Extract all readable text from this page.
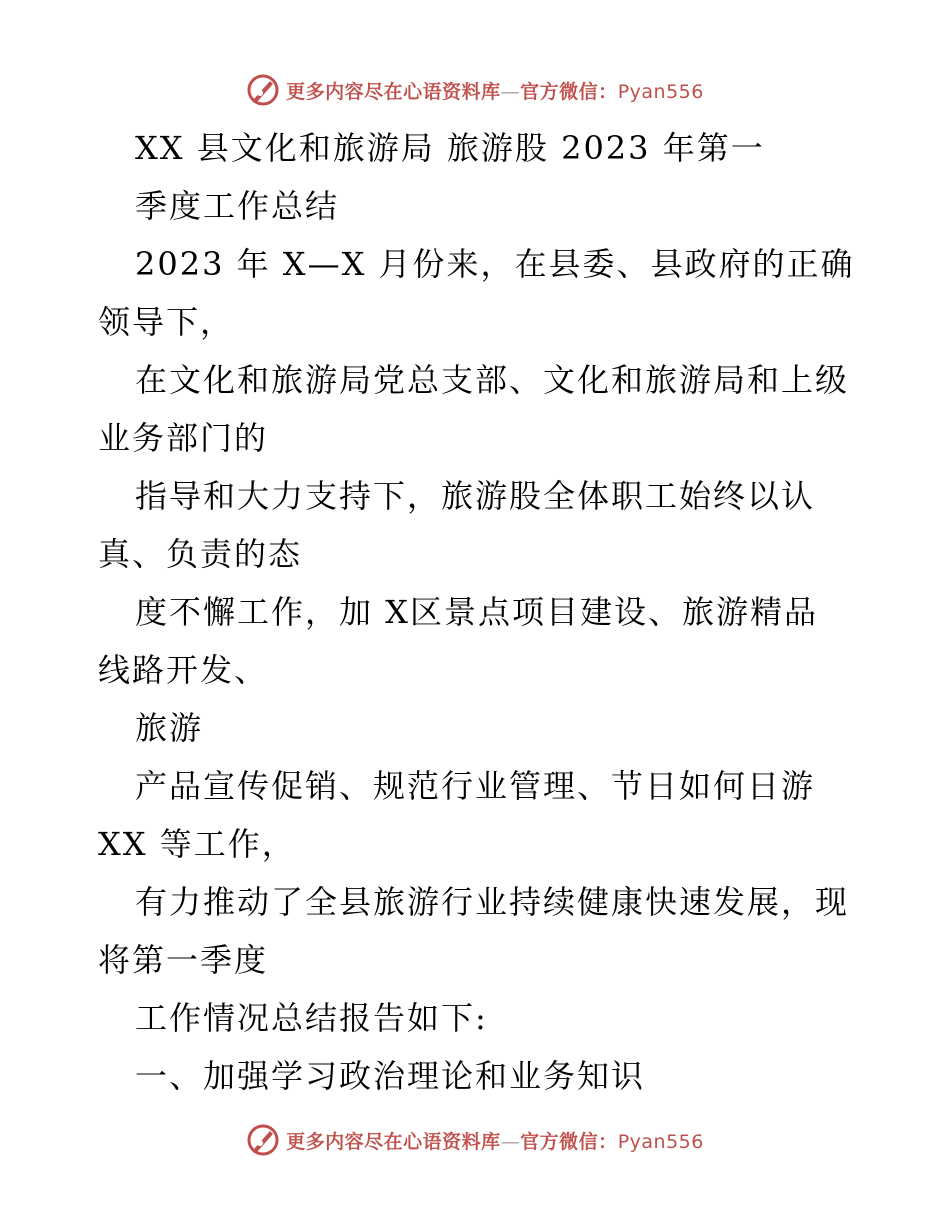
更多内容尽在心语资料库—官方微信：Pyan556
XX 县文化和旅游局 旅游股 2023 年第一
季度工作总结
2023 年 X—X 月份来，在县委、县政府的正确
领导下，
在文化和旅游局党总支部、文化和旅游局和上级
业务部门的
指导和大力支持下，旅游股全体职工始终以认
真、负责的态
度不懈工作，加 X区景点项目建设、旅游精品
线路开发、
旅游
产品宣传促销、规范行业管理、节日如何日游
XX 等工作，
有力推动了全县旅游行业持续健康快速发展，现
将第一季度
工作情况总结报告如下:
一、加强学习政治理论和业务知识
更多内容尽在心语资料库—官方微信：Pyan556
